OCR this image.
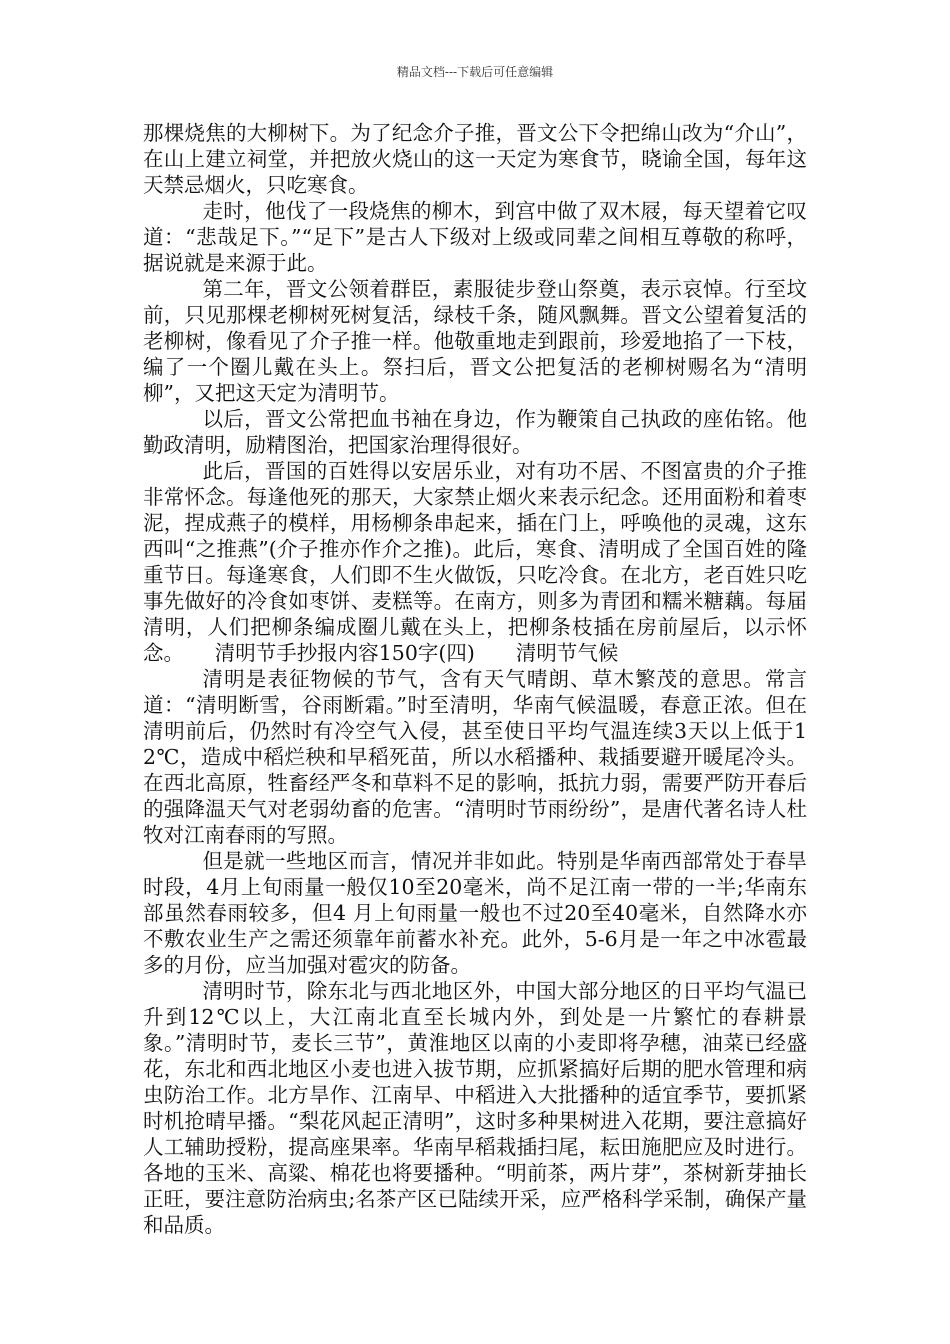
精品文档---下载后可任意编辑

那棵烧焦的大柳树下。为了纪念介子推，晋文公下令把绵山改为“介山”，在山上建立祠堂，并把放火烧山的这一天定为寒食节，晓谕全国，每年这天禁忌烟火，只吃寒食。

走时，他伐了一段烧焦的柳木，到宫中做了双木屐，每天望着它叹道：“悲哉足下。”“足下”是古人下级对上级或同辈之间相互尊敬的称呼，据说就是来源于此。

第二年，晋文公领着群臣，素服徒步登山祭奠，表示哀悼。行至坟前，只见那棵老柳树死树复活，绿枝千条，随风飘舞。晋文公望着复活的老柳树，像看见了介子推一样。他敬重地走到跟前，珍爱地掐了一下枝，编了一个圈儿戴在头上。祭扫后，晋文公把复活的老柳树赐名为“清明柳”，又把这天定为清明节。

以后，晋文公常把血书袖在身边，作为鞭策自己执政的座佑铭。他勤政清明，励精图治，把国家治理得很好。

此后，晋国的百姓得以安居乐业，对有功不居、不图富贵的介子推非常怀念。每逢他死的那天，大家禁止烟火来表示纪念。还用面粉和着枣泥，捏成燕子的模样，用杨柳条串起来，插在门上，呼唤他的灵魂，这东西叫“之推燕”(介子推亦作介之推)。此后，寒食、清明成了全国百姓的隆重节日。每逢寒食，人们即不生火做饭，只吃冷食。在北方，老百姓只吃事先做好的冷食如枣饼、麦糕等。在南方，则多为青团和糯米糖藕。每届清明，人们把柳条编成圈儿戴在头上，把柳条枝插在房前屋后，以示怀念。　　清明节手抄报内容150字(四)　　清明节气候

清明是表征物候的节气，含有天气晴朗、草木繁茂的意思。常言道：“清明断雪，谷雨断霜。”时至清明，华南气候温暖，春意正浓。但在清明前后，仍然时有冷空气入侵，甚至使日平均气温连续3天以上低于12℃，造成中稻烂秧和早稻死苗，所以水稻播种、栽插要避开暖尾冷头。在西北高原，牲畜经严冬和草料不足的影响，抵抗力弱，需要严防开春后的强降温天气对老弱幼畜的危害。“清明时节雨纷纷”，是唐代著名诗人杜牧对江南春雨的写照。

但是就一些地区而言，情况并非如此。特别是华南西部常处于春旱时段，4月上旬雨量一般仅10至20毫米，尚不足江南一带的一半;华南东部虽然春雨较多，但4 月上旬雨量一般也不过20至40毫米，自然降水亦不敷农业生产之需还须靠年前蓄水补充。此外，5-6月是一年之中冰雹最多的月份，应当加强对雹灾的防备。

清明时节，除东北与西北地区外，中国大部分地区的日平均气温已升到12℃以上，大江南北直至长城内外，到处是一片繁忙的春耕景象。”清明时节，麦长三节”，黄淮地区以南的小麦即将孕穗，油菜已经盛花，东北和西北地区小麦也进入拔节期，应抓紧搞好后期的肥水管理和病虫防治工作。北方旱作、江南早、中稻进入大批播种的适宜季节，要抓紧时机抢晴早播。“梨花风起正清明”，这时多种果树进入花期，要注意搞好人工辅助授粉，提高座果率。华南早稻栽插扫尾，耘田施肥应及时进行。各地的玉米、高粱、棉花也将要播种。“明前茶，两片芽”，茶树新芽抽长正旺，要注意防治病虫;名茶产区已陆续开采，应严格科学采制，确保产量和品质。
